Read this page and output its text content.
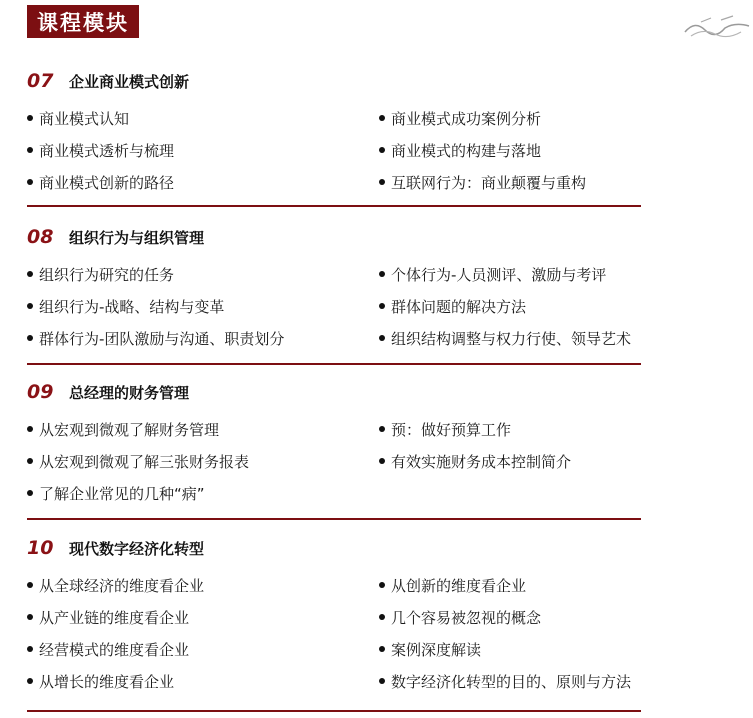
课程模块
07	企业商业模式创新
商业模式认知	商业模式成功案例分析
商业模式透析与梳理	商业模式的构建与落地
商业模式创新的路径	互联网行为：商业颠覆与重构
08	组织行为与组织管理
组织行为研究的任务	个体行为-人员测评、激励与考评
组织行为-战略、结构与变革	群体问题的解决方法
群体行为-团队激励与沟通、职责划分	组织结构调整与权力行使、领导艺术
09	总经理的财务管理
从宏观到微观了解财务管理	预：做好预算工作
从宏观到微观了解三张财务报表	有效实施财务成本控制简介
了解企业常见的几种“病”
10	现代数字经济化转型
从全球经济的维度看企业	从创新的维度看企业
从产业链的维度看企业	几个容易被忽视的概念
经营模式的维度看企业	案例深度解读
从增长的维度看企业	数字经济化转型的目的、原则与方法
